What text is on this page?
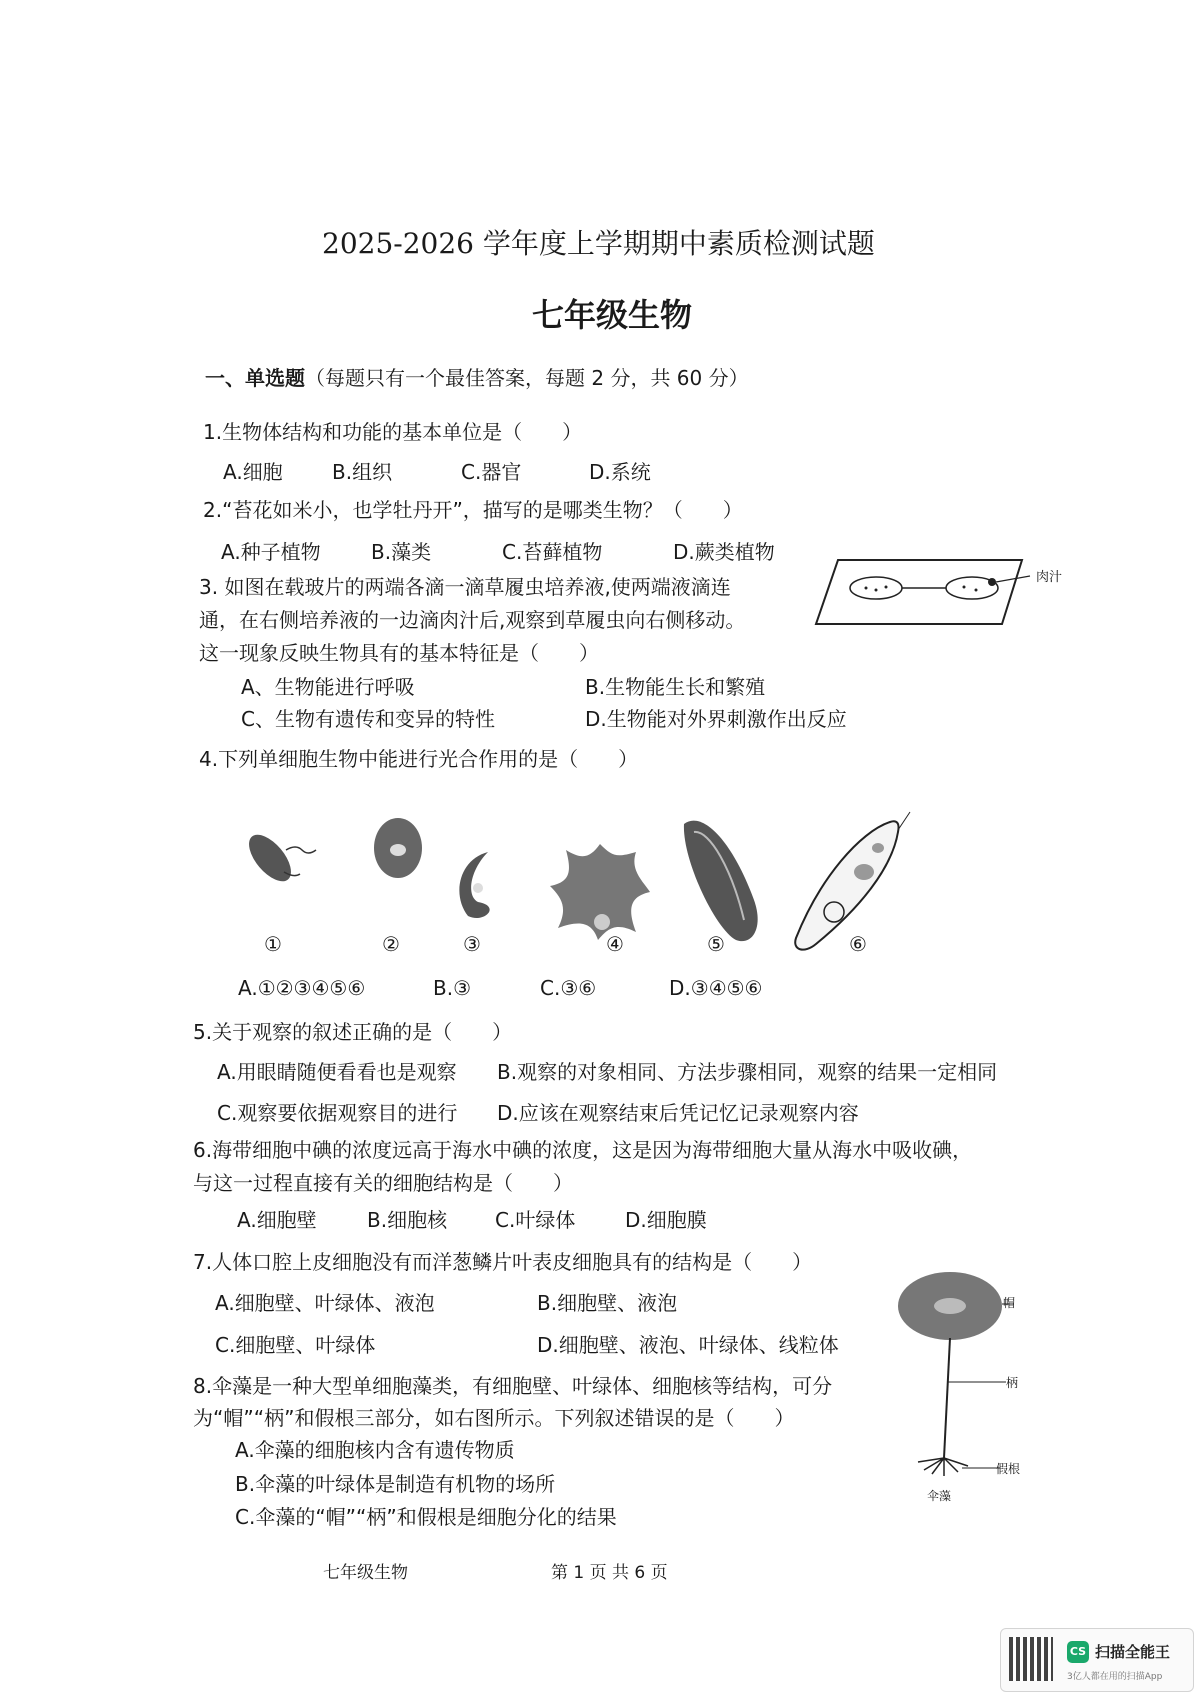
2025-2026 学年度上学期期中素质检测试题
七年级生物
一、单选题（每题只有一个最佳答案，每题 2 分，共 60 分）
1.生物体结构和功能的基本单位是（　　）
A.细胞 B.组织	C.器官	D.系统
2.“苔花如米小，也学牡丹开”，描写的是哪类生物？（　　）
A.种子植物	B.藻类	C.苔藓植物	D.蕨类植物
3. 如图在载玻片的两端各滴一滴草履虫培养液,使两端液滴连
通，在右侧培养液的一边滴肉汁后,观察到草履虫向右侧移动。
这一现象反映生物具有的基本特征是（　　）
A、生物能进行呼吸	B.生物能生长和繁殖
C、生物有遗传和变异的特性	D.生物能对外界刺激作出反应
肉汁
4.下列单细胞生物中能进行光合作用的是（　　）
①	②	③	④	⑤	⑥
A.①②③④⑤⑥	B.③	C.③⑥	D.③④⑤⑥
5.关于观察的叙述正确的是（　　）
A.用眼睛随便看看也是观察 B.观察的对象相同、方法步骤相同，观察的结果一定相同
C.观察要依据观察目的进行 D.应该在观察结束后凭记忆记录观察内容
6.海带细胞中碘的浓度远高于海水中碘的浓度，这是因为海带细胞大量从海水中吸收碘，
与这一过程直接有关的细胞结构是（　　）
A.细胞壁	B.细胞核 C.叶绿体 D.细胞膜
7.人体口腔上皮细胞没有而洋葱鳞片叶表皮细胞具有的结构是（　　）
A.细胞壁、叶绿体、液泡	B.细胞壁、液泡
C.细胞壁、叶绿体	D.细胞壁、液泡、叶绿体、线粒体
8.伞藻是一种大型单细胞藻类，有细胞壁、叶绿体、细胞核等结构，可分
为“帽”“柄”和假根三部分，如右图所示。下列叙述错误的是（　　）
A.伞藻的细胞核内含有遗传物质
B.伞藻的叶绿体是制造有机物的场所
C.伞藻的“帽”“柄”和假根是细胞分化的结果
帽
柄
假根
伞藻
七年级生物	第 1 页 共 6 页
CS 扫描全能王
3亿人都在用的扫描App
